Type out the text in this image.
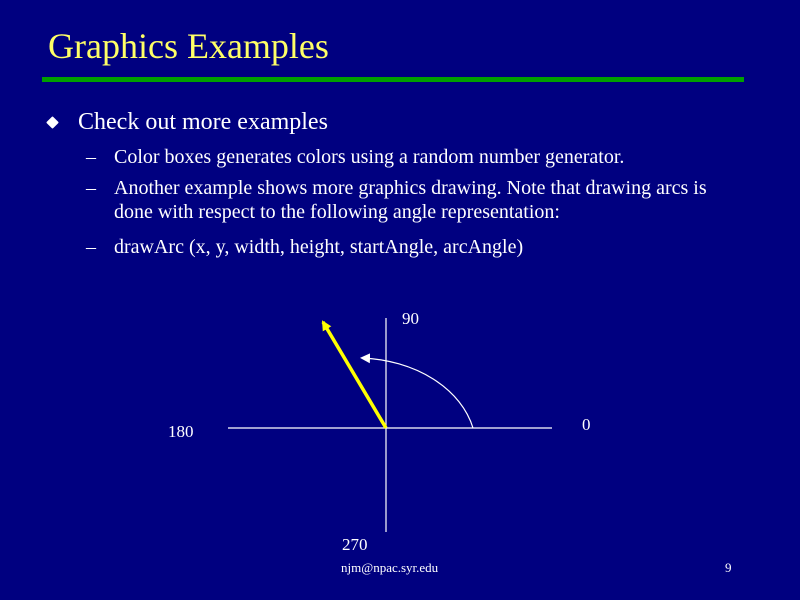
Graphics Examples
Check out more examples
– Color boxes generates colors using a random number generator.
– Another example shows more graphics drawing. Note that drawing arcs is done with respect to the following angle representation:
– drawArc (x, y, width, height, startAngle, arcAngle)
90
0
180
270
njm@npac.syr.edu	9
